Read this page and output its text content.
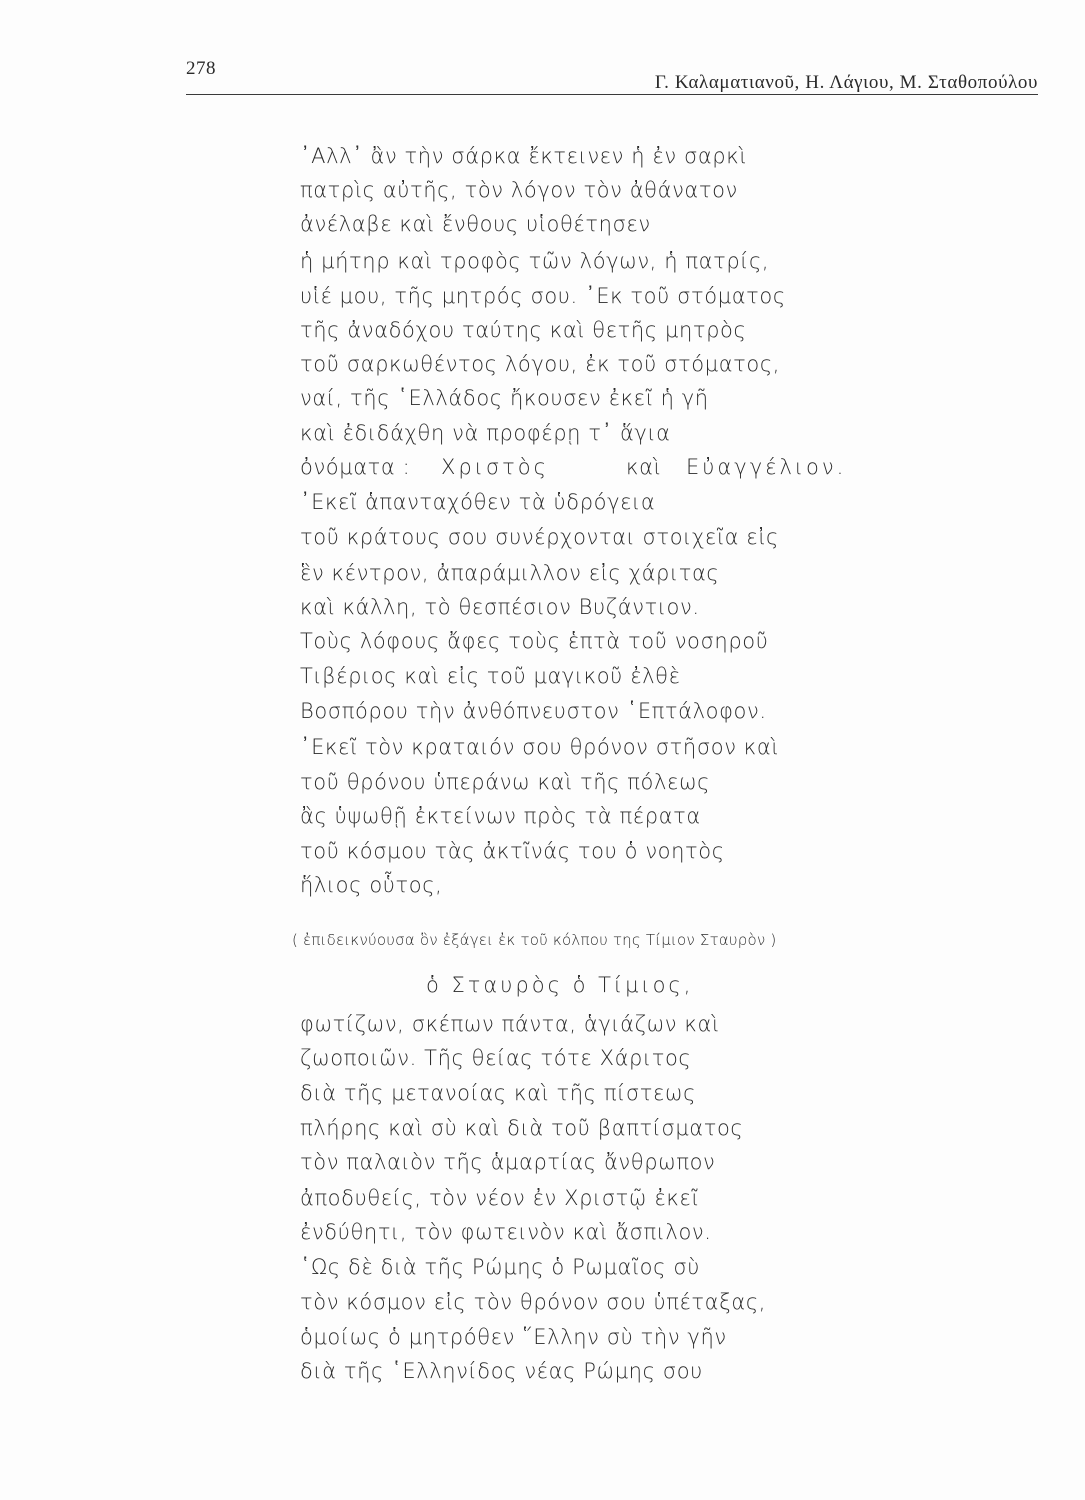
278
Γ. Καλαματιανοῦ, Η. Λάγιου, Μ. Σταθοπούλου
᾿Αλλ᾿ ἂν τὴν σάρκα ἔκτεινεν ἡ ἐν σαρκὶ
πατρὶς αὐτῆς, τὸν λόγον τὸν ἀθάνατον
ἀνέλαβε καὶ ἔνθους υἱοθέτησεν
ἡ μήτηρ καὶ τροφὸς τῶν λόγων, ἡ πατρίς,
υἱέ μου, τῆς μητρός σου. ᾿Εκ τοῦ στόματος
τῆς ἀναδόχου ταύτης καὶ θετῆς μητρὸς
τοῦ σαρκωθέντος λόγου, ἐκ τοῦ στόματος,
ναί, τῆς ῾Ελλάδος ἤκουσεν ἐκεῖ ἡ γῆ
καὶ ἐδιδάχθη νὰ προφέρῃ τ᾿ ἅγια
ὀνόματα : Χριστὸς	καὶ Εὐαγγέλιον.
᾿Εκεῖ ἁπανταχόθεν τὰ ὑδρόγεια
τοῦ κράτους σου συνέρχονται στοιχεῖα εἰς
ἓν κέντρον, ἀπαράμιλλον εἰς χάριτας
καὶ κάλλη, τὸ θεσπέσιον Βυζάντιον.
Τοὺς λόφους ἄφες τοὺς ἑπτὰ τοῦ νοσηροῦ
Τιβέριος καὶ εἰς τοῦ μαγικοῦ ἐλθὲ
Βοσπόρου τὴν ἀνθόπνευστον ῾Επτάλοφον.
᾿Εκεῖ τὸν κραταιόν σου θρόνον στῆσον καὶ
τοῦ θρόνου ὑπεράνω καὶ τῆς πόλεως
ἂς ὑψωθῇ ἐκτείνων πρὸς τὰ πέρατα
τοῦ κόσμου τὰς ἀκτῖνάς του ὁ νοητὸς
ἥλιος οὗτος,
( ἐπιδεικνύουσα ὃν ἐξάγει ἐκ τοῦ κόλπου της Τίμιον Σταυρὸν )
ὁ Σταυρὸς ὁ Τίμιος,
φωτίζων, σκέπων πάντα, ἁγιάζων καὶ
ζωοποιῶν. Τῆς θείας τότε Χάριτος
διὰ τῆς μετανοίας καὶ τῆς πίστεως
πλήρης καὶ σὺ καὶ διὰ τοῦ βαπτίσματος
τὸν παλαιὸν τῆς ἁμαρτίας ἄνθρωπον
ἀποδυθείς, τὸν νέον ἐν Χριστῷ ἐκεῖ
ἐνδύθητι, τὸν φωτεινὸν καὶ ἄσπιλον.
῾Ως δὲ διὰ τῆς Ρώμης ὁ Ρωμαῖος σὺ
τὸν κόσμον εἰς τὸν θρόνον σου ὑπέταξας,
ὁμοίως ὁ μητρόθεν ῞Ελλην σὺ τὴν γῆν
διὰ τῆς ῾Ελληνίδος νέας Ρώμης σου
